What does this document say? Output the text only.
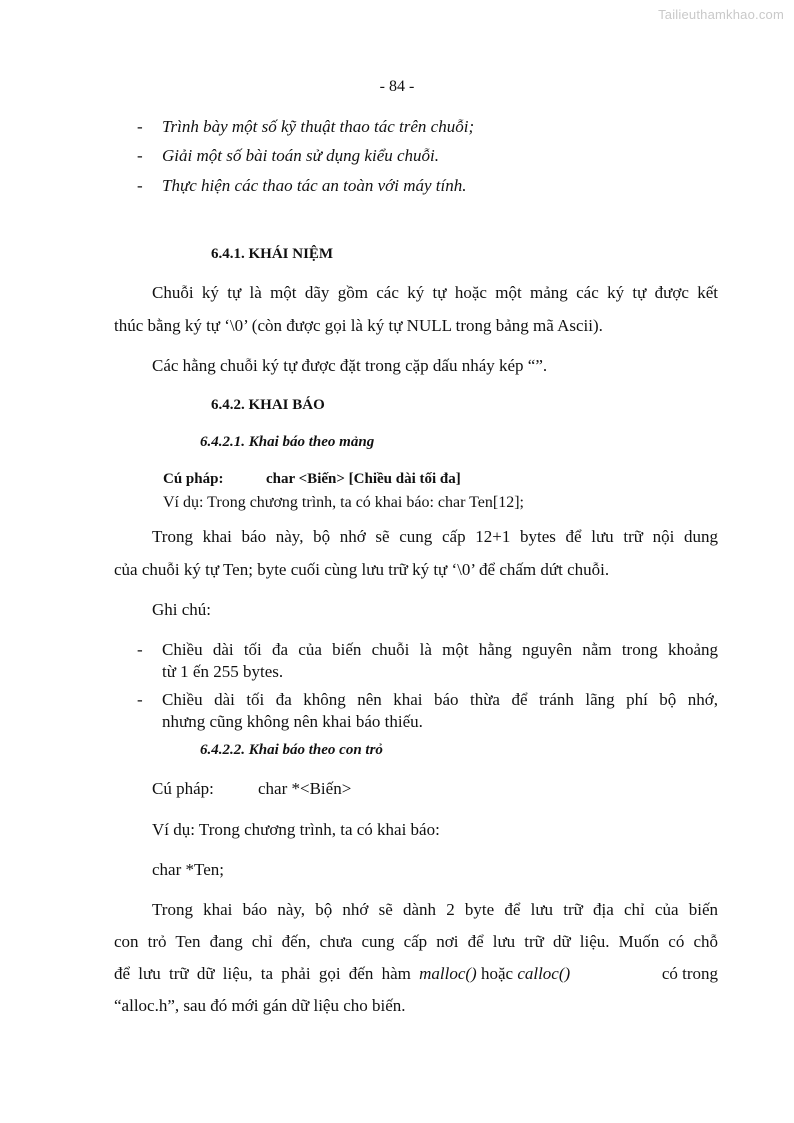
Tailieuthamkhao.com
- 84 -
- Trình bày một số kỹ thuật thao tác trên chuỗi;
- Giải một số bài toán sử dụng kiểu chuỗi.
- Thực hiện các thao tác an toàn với máy tính.
6.4.1. KHÁI NIỆM
Chuỗi ký tự là một dãy gồm các ký tự hoặc một mảng các ký tự được kết
thúc bằng ký tự ‘\0’ (còn được gọi là ký tự NULL trong bảng mã Ascii).
Các hằng chuỗi ký tự được đặt trong cặp dấu nháy kép “”.
6.4.2. KHAI BÁO
6.4.2.1. Khai báo theo mảng
Cú pháp:	char <Biến> [Chiều dài tối đa]
Ví dụ: Trong chương trình, ta có khai báo: char Ten[12];
Trong khai báo này, bộ nhớ sẽ cung cấp 12+1 bytes để lưu trữ nội dung
của chuỗi ký tự Ten; byte cuối cùng lưu trữ ký tự ‘\0’ để chấm dứt chuỗi.
Ghi chú:
- Chiều dài tối đa của biến chuỗi là một hằng nguyên nằm trong khoảng
từ 1 ến 255 bytes.
- Chiều dài tối đa không nên khai báo thừa để tránh lãng phí bộ nhớ,
nhưng cũng không nên khai báo thiếu.
6.4.2.2. Khai báo theo con trỏ
Cú pháp:	char *<Biến>
Ví dụ: Trong chương trình, ta có khai báo:
char *Ten;
Trong khai báo này, bộ nhớ sẽ dành 2 byte để lưu trữ địa chỉ của biến
con trỏ Ten đang chỉ đến, chưa cung cấp nơi để lưu trữ dữ liệu. Muốn có chỗ
để lưu trữ dữ liệu, ta phải gọi đến hàm malloc() hoặc calloc()	có trong
“alloc.h”, sau đó mới gán dữ liệu cho biến.
